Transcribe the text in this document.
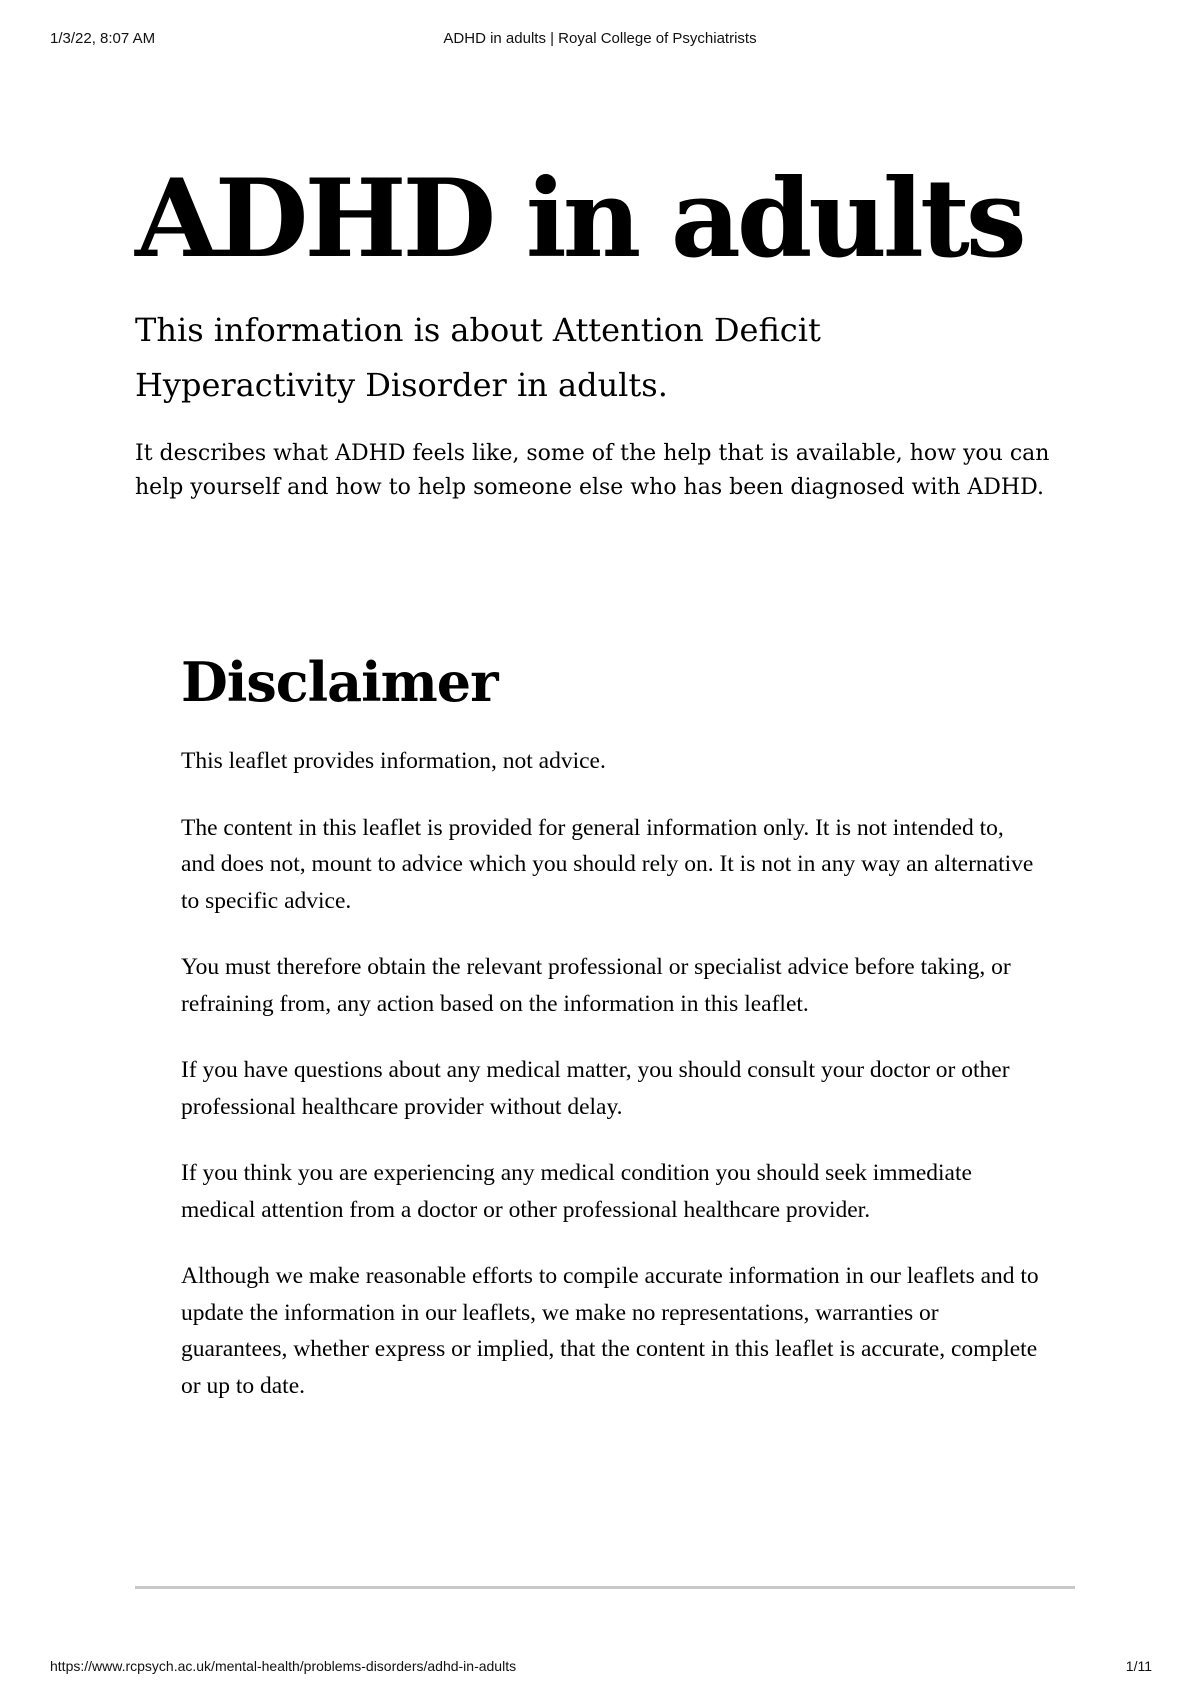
1/3/22, 8:07 AM	ADHD in adults | Royal College of Psychiatrists
ADHD in adults

This information is about Attention Deficit Hyperactivity Disorder in adults.

It describes what ADHD feels like, some of the help that is available, how you can help yourself and how to help someone else who has been diagnosed with ADHD.

Disclaimer

This leaflet provides information, not advice.

The content in this leaflet is provided for general information only. It is not intended to, and does not, mount to advice which you should rely on. It is not in any way an alternative to specific advice.

You must therefore obtain the relevant professional or specialist advice before taking, or refraining from, any action based on the information in this leaflet.

If you have questions about any medical matter, you should consult your doctor or other professional healthcare provider without delay.

If you think you are experiencing any medical condition you should seek immediate medical attention from a doctor or other professional healthcare provider.

Although we make reasonable efforts to compile accurate information in our leaflets and to update the information in our leaflets, we make no representations, warranties or guarantees, whether express or implied, that the content in this leaflet is accurate, complete or up to date.

https://www.rcpsych.ac.uk/mental-health/problems-disorders/adhd-in-adults	1/11
